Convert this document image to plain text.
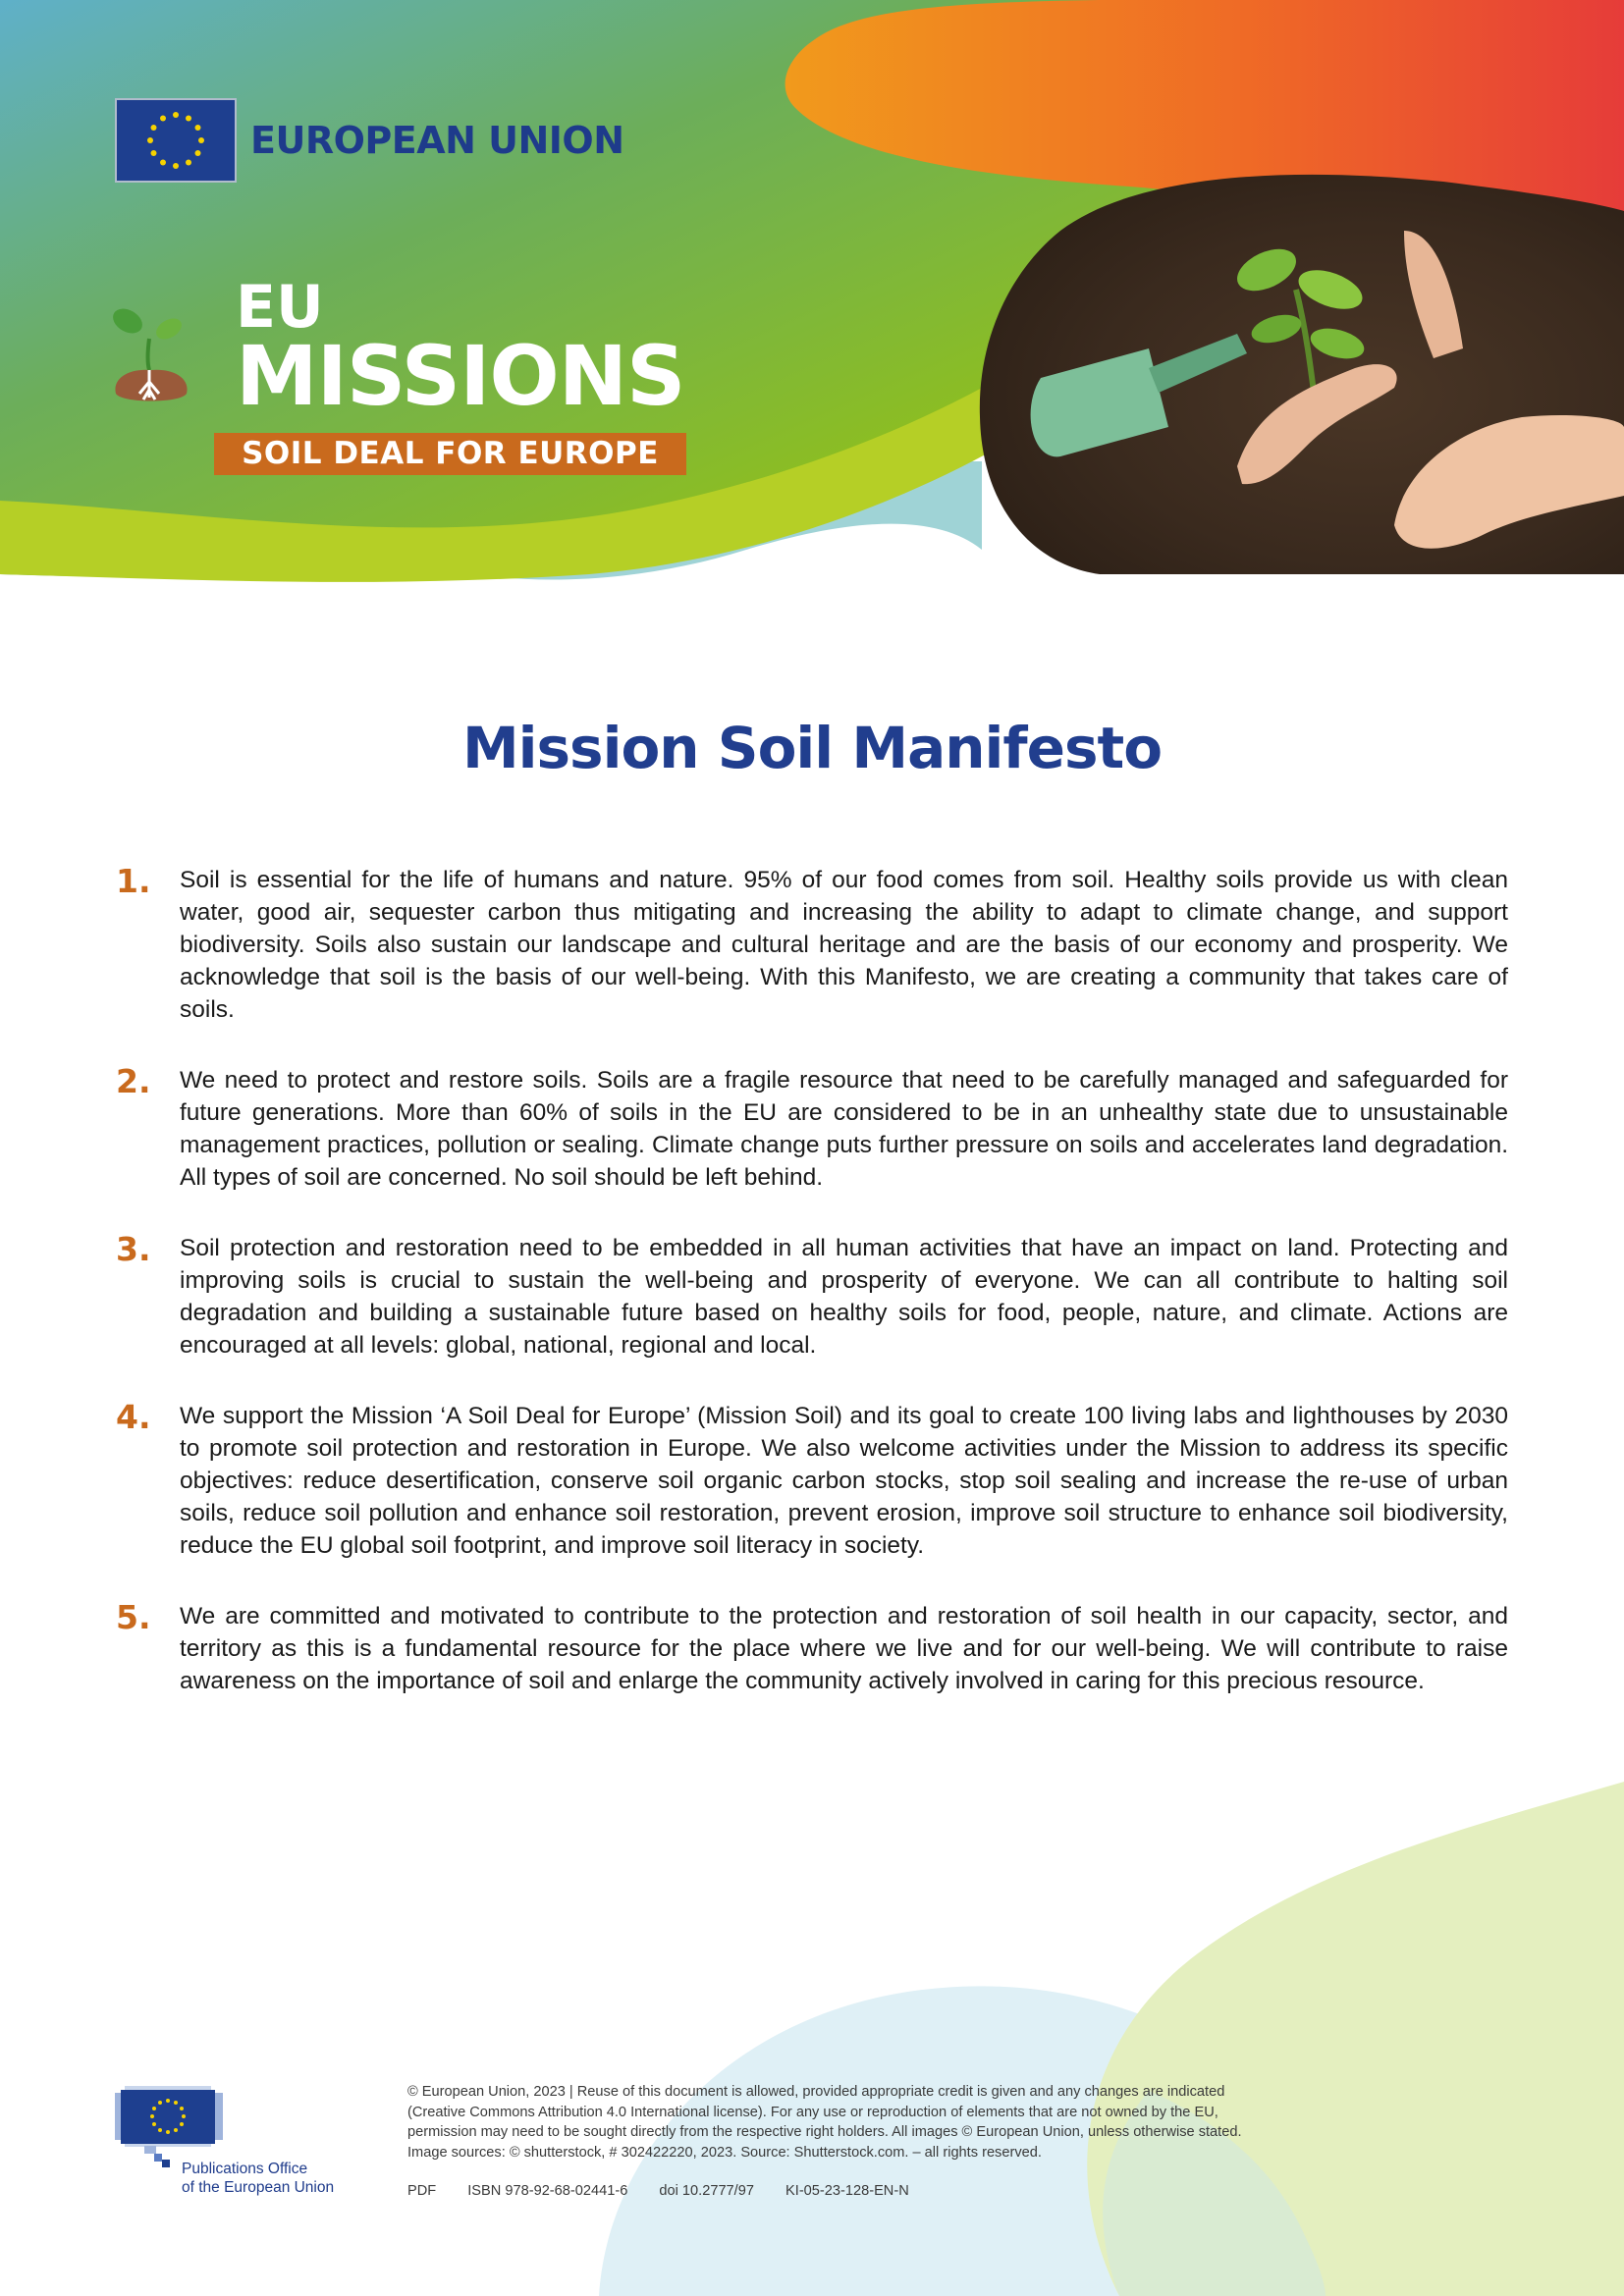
EUROPEAN UNION
EU
MISSIONS
SOIL DEAL FOR EUROPE
Mission Soil Manifesto
1. Soil is essential for the life of humans and nature. 95% of our food comes from soil. Healthy soils provide us with clean water, good air, sequester carbon thus mitigating and increasing the ability to adapt to climate change, and support biodiversity. Soils also sustain our landscape and cultural heritage and are the basis of our economy and prosperity. We acknowledge that soil is the basis of our well-being. With this Manifesto, we are creating a community that takes care of soils.

2. We need to protect and restore soils. Soils are a fragile resource that need to be carefully managed and safeguarded for future generations. More than 60% of soils in the EU are considered to be in an unhealthy state due to unsustainable management practices, pollution or sealing. Climate change puts further pressure on soils and accelerates land degradation. All types of soil are concerned. No soil should be left behind.

3. Soil protection and restoration need to be embedded in all human activities that have an impact on land. Protecting and improving soils is crucial to sustain the well-being and prosperity of everyone. We can all contribute to halting soil degradation and building a sustainable future based on healthy soils for food, people, nature, and climate. Actions are encouraged at all levels: global, national, regional and local.

4. We support the Mission ‘A Soil Deal for Europe’ (Mission Soil) and its goal to create 100 living labs and lighthouses by 2030 to promote soil protection and restoration in Europe. We also welcome activities under the Mission to address its specific objectives: reduce desertification, conserve soil organic carbon stocks, stop soil sealing and increase the re-use of urban soils, reduce soil pollution and enhance soil restoration, prevent erosion, improve soil structure to enhance soil biodiversity, reduce the EU global soil footprint, and improve soil literacy in society.

5. We are committed and motivated to contribute to the protection and restoration of soil health in our capacity, sector, and territory as this is a fundamental resource for the place where we live and for our well-being. We will contribute to raise awareness on the importance of soil and enlarge the community actively involved in caring for this precious resource.

Publications Office
of the European Union

© European Union, 2023 | Reuse of this document is allowed, provided appropriate credit is given and any changes are indicated

(Creative Commons Attribution 4.0 International license). For any use or reproduction of elements that are not owned by the EU,

permission may need to be sought directly from the respective right holders. All images © European Union, unless otherwise stated.

Image sources: © shutterstock, # 302422220, 2023. Source: Shutterstock.com. – all rights reserved.

PDF ISBN 978-92-68-02441-6 doi 10.2777/97 KI-05-23-128-EN-N
